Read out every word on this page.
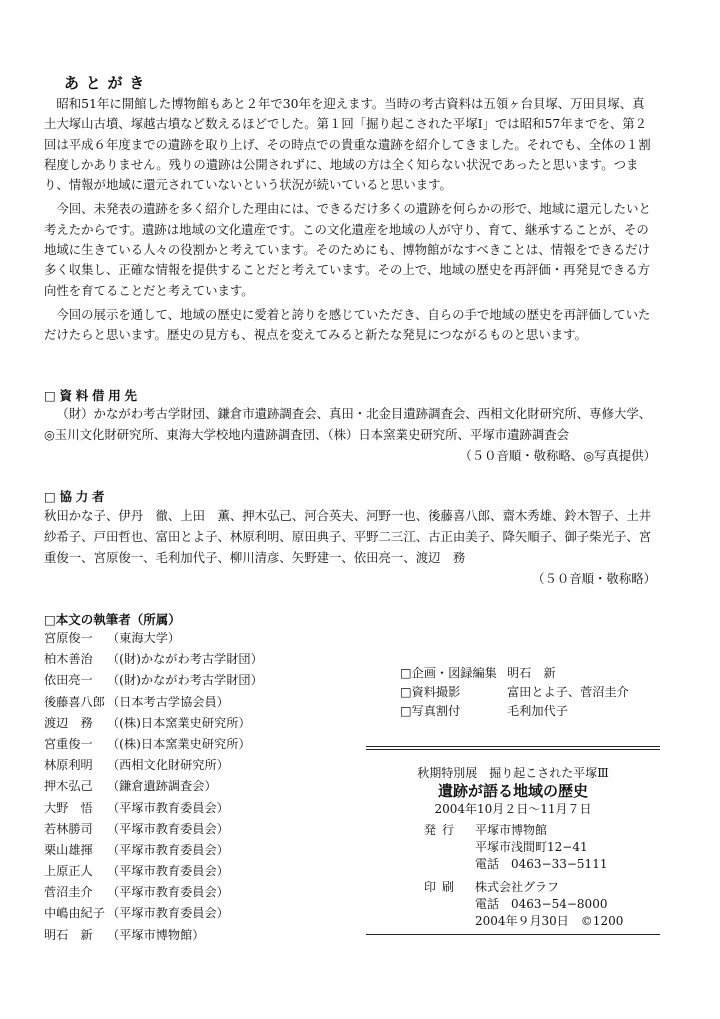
あとがき

昭和51年に開館した博物館もあと２年で30年を迎えます。当時の考古資料は五領ヶ台貝塚、万田貝塚、真土大塚山古墳、塚越古墳など数えるほどでした。第１回「掘り起こされた平塚Ⅰ」では昭和57年までを、第２回は平成６年度までの遺跡を取り上げ、その時点での貴重な遺跡を紹介してきました。それでも、全体の１割程度しかありません。残りの遺跡は公開されずに、地域の方は全く知らない状況であったと思います。つまり、情報が地域に還元されていないという状況が続いていると思います。

今回、未発表の遺跡を多く紹介した理由には、できるだけ多くの遺跡を何らかの形で、地域に還元したいと考えたからです。遺跡は地域の文化遺産です。この文化遺産を地域の人が守り、育て、継承することが、その地域に生きている人々の役割かと考えています。そのためにも、博物館がなすべきことは、情報をできるだけ多く収集し、正確な情報を提供することだと考えています。その上で、地域の歴史を再評価・再発見できる方向性を育てることだと考えています。

今回の展示を通して、地域の歴史に愛着と誇りを感じていただき、自らの手で地域の歴史を再評価していただけたらと思います。歴史の見方も、視点を変えてみると新たな発見につながるものと思います。

□資料借用先
（財）かながわ考古学財団、鎌倉市遺跡調査会、真田・北金目遺跡調査会、西相文化財研究所、専修大学、◎玉川文化財研究所、東海大学校地内遺跡調査団、（株）日本窯業史研究所、平塚市遺跡調査会
（５０音順・敬称略、◎写真提供）
□協力者
秋田かな子、伊丹　徹、上田　薫、押木弘己、河合英夫、河野一也、後藤喜八郎、齋木秀雄、鈴木智子、土井紗希子、戸田哲也、富田とよ子、林原利明、原田典子、平野二三江、古正由美子、降矢順子、御子柴光子、宮重俊一、宮原俊一、毛利加代子、柳川清彦、矢野建一、依田亮一、渡辺　務
（５０音順・敬称略）
□本文の執筆者（所属）
宮原俊一	（東海大学）
柏木善治	（(財)かながわ考古学財団）
依田亮一	（(財)かながわ考古学財団）
後藤喜八郎 （日本考古学協会員）
渡辺　務	（(株)日本窯業史研究所）
宮重俊一	（(株)日本窯業史研究所）
林原利明	（西相文化財研究所）
押木弘己	（鎌倉遺跡調査会）
大野　悟	（平塚市教育委員会）
若林勝司	（平塚市教育委員会）
栗山雄揮	（平塚市教育委員会）
上原正人	（平塚市教育委員会）
菅沼圭介	（平塚市教育委員会）
中嶋由紀子 （平塚市教育委員会）
明石　新	（平塚市博物館）
□企画・図録編集 明石　新
□資料撮影	富田とよ子、菅沼圭介
□写真割付	毛利加代子
秋期特別展　掘り起こされた平塚Ⅲ
遺跡が語る地域の歴史
2004年10月２日〜11月７日
発行	平塚市博物館
平塚市浅間町12−41
電話　0463−33−5111
印刷	株式会社グラフ
電話　0463−54−8000
2004年９月30日　©1200
